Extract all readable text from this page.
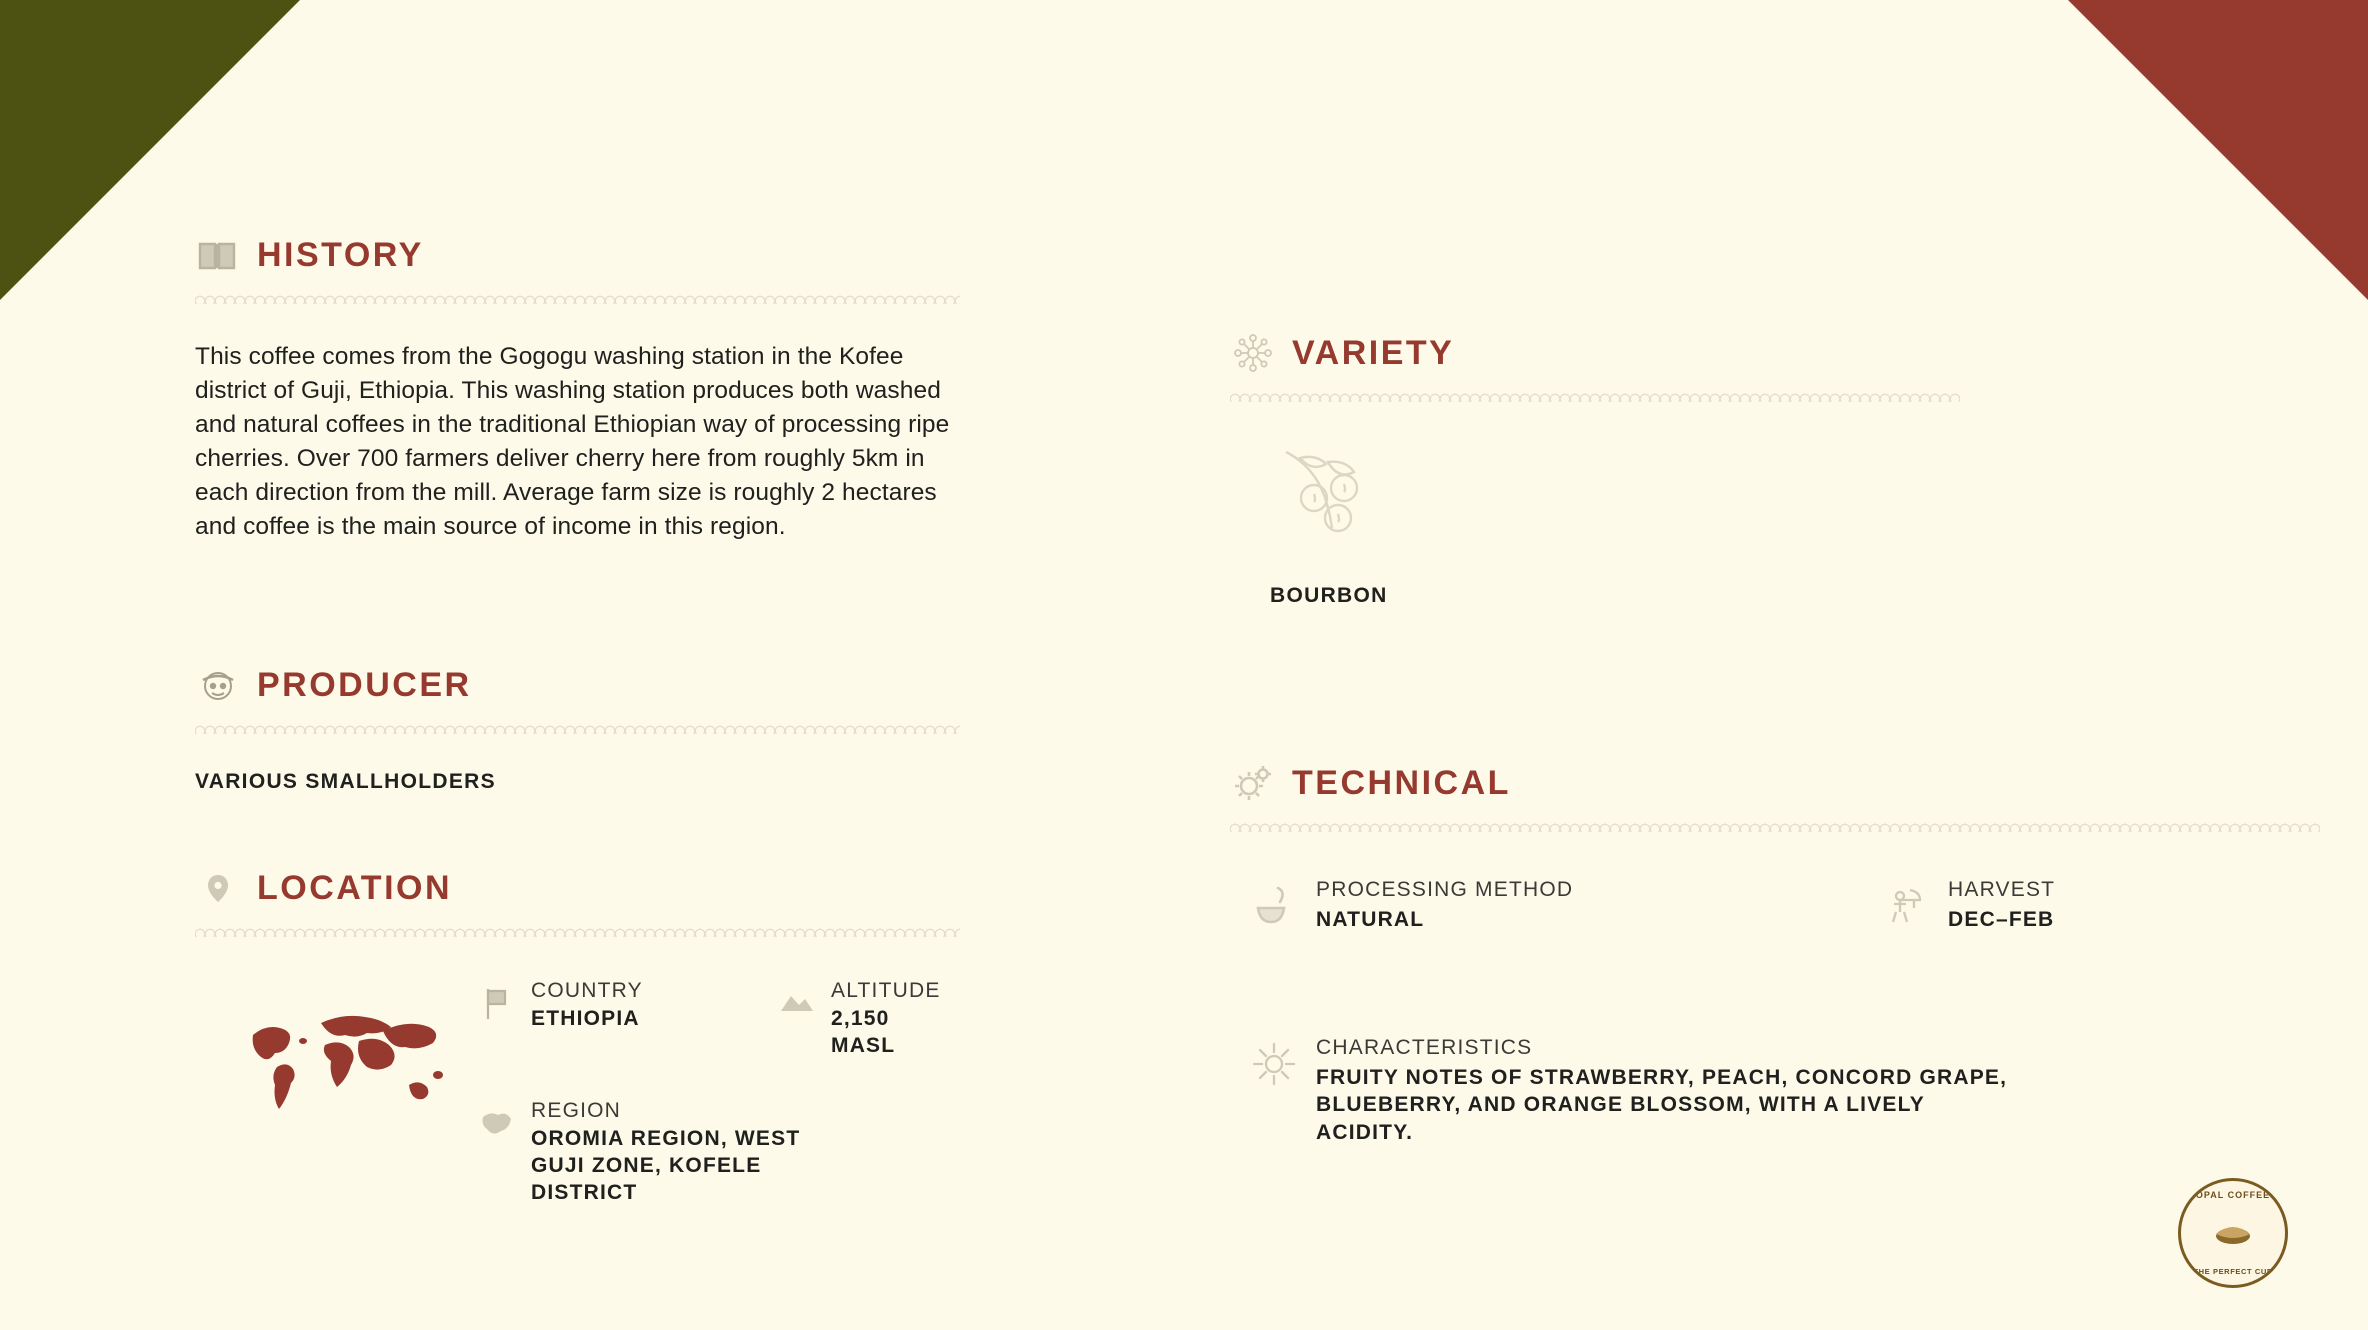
HISTORY
This coffee comes from the Gogogu washing station in the Kofee district of Guji, Ethiopia. This washing station produces both washed and natural coffees in the traditional Ethiopian way of processing ripe cherries. Over 700 farmers deliver cherry here from roughly 5km in each direction from the mill. Average farm size is roughly 2 hectares and coffee is the main source of income in this region.
PRODUCER
VARIOUS SMALLHOLDERS
LOCATION
COUNTRY
ETHIOPIA
ALTITUDE
2,150 MASL
REGION
OROMIA REGION, WEST GUJI ZONE, KOFELE DISTRICT
VARIETY
BOURBON
TECHNICAL
PROCESSING METHOD
NATURAL
HARVEST
DEC–FEB
CHARACTERISTICS
FRUITY NOTES OF STRAWBERRY, PEACH, CONCORD GRAPE, BLUEBERRY, AND ORANGE BLOSSOM, WITH A LIVELY ACIDITY.
OPAL COFFEE
THE PERFECT CUP
